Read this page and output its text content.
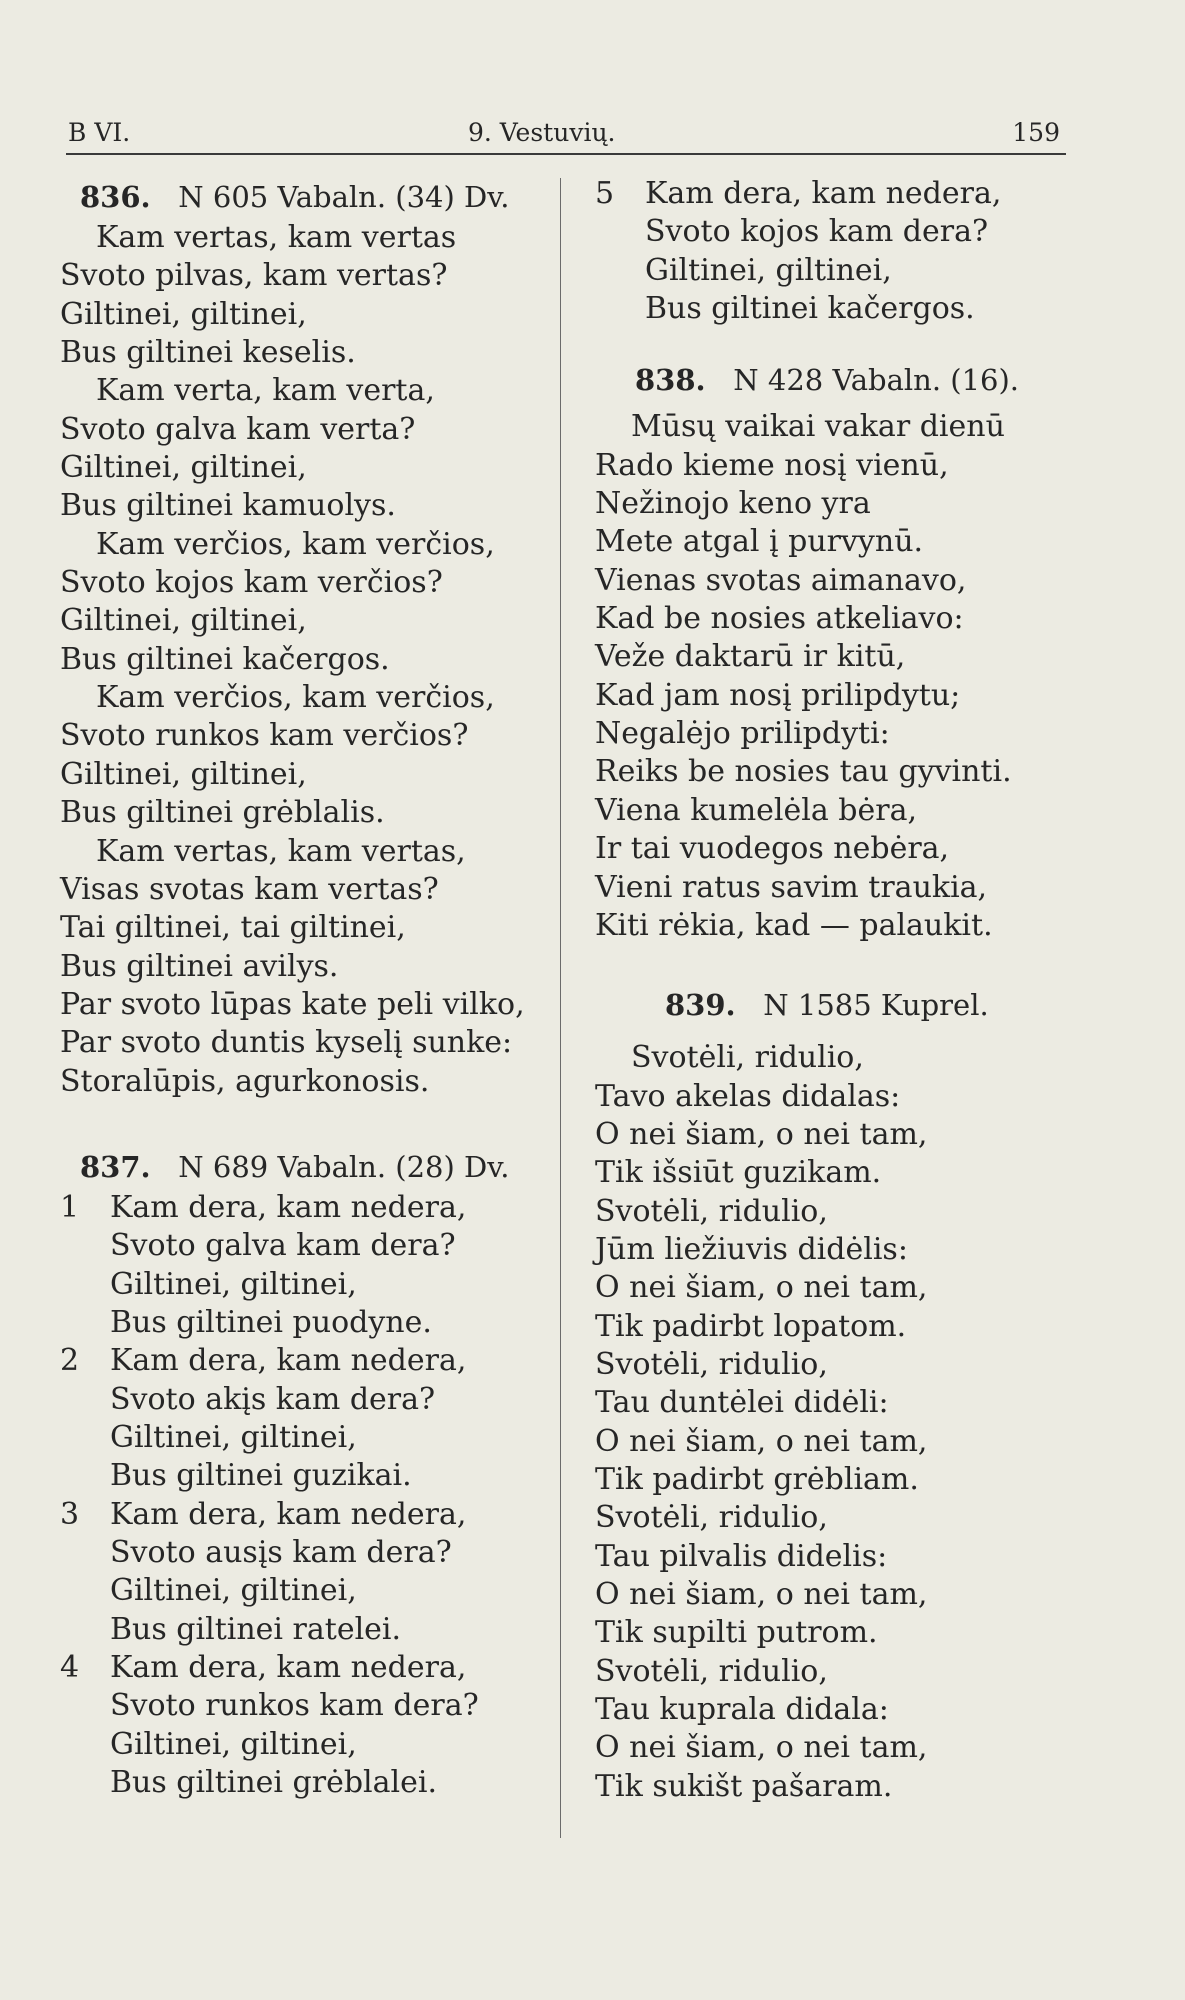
B VI.	9. Vestuvių.	159
836. N 605 Vabaln. (34) Dv.
Kam vertas, kam vertas
Svoto pilvas, kam vertas?
Giltinei, giltinei,
Bus giltinei keselis.
Kam verta, kam verta,
Svoto galva kam verta?
Giltinei, giltinei,
Bus giltinei kamuolys.
Kam verčios, kam verčios,
Svoto kojos kam verčios?
Giltinei, giltinei,
Bus giltinei kačergos.
Kam verčios, kam verčios,
Svoto runkos kam verčios?
Giltinei, giltinei,
Bus giltinei grėblalis.
Kam vertas, kam vertas,
Visas svotas kam vertas?
Tai giltinei, tai giltinei,
Bus giltinei avilys.
Par svoto lūpas kate peli vilko,
Par svoto duntis kyselį sunke:
Storalūpis, agurkonosis.
837. N 689 Vabaln. (28) Dv.
1	Kam dera, kam nedera,
Svoto galva kam dera?
Giltinei, giltinei,
Bus giltinei puodyne.
2	Kam dera, kam nedera,
Svoto akįs kam dera?
Giltinei, giltinei,
Bus giltinei guzikai.
3	Kam dera, kam nedera,
Svoto ausįs kam dera?
Giltinei, giltinei,
Bus giltinei ratelei.
4	Kam dera, kam nedera,
Svoto runkos kam dera?
Giltinei, giltinei,
Bus giltinei grėblalei.
5	Kam dera, kam nedera,
Svoto kojos kam dera?
Giltinei, giltinei,
Bus giltinei kačergos.
838. N 428 Vabaln. (16).
Mūsų vaikai vakar dienū
Rado kieme nosį vienū,
Nežinojo keno yra
Mete atgal į purvynū.
Vienas svotas aimanavo,
Kad be nosies atkeliavo:
Veže daktarū ir kitū,
Kad jam nosį prilipdytu;
Negalėjo prilipdyti:
Reiks be nosies tau gyvinti.
Viena kumelėla bėra,
Ir tai vuodegos nebėra,
Vieni ratus savim traukia,
Kiti rėkia, kad — palaukit.
839. N 1585 Kuprel.
Svotėli, ridulio,
Tavo akelas didalas:
O nei šiam, o nei tam,
Tik išsiūt guzikam.
Svotėli, ridulio,
Jūm liežiuvis didėlis:
O nei šiam, o nei tam,
Tik padirbt lopatom.
Svotėli, ridulio,
Tau duntėlei didėli:
O nei šiam, o nei tam,
Tik padirbt grėbliam.
Svotėli, ridulio,
Tau pilvalis didelis:
O nei šiam, o nei tam,
Tik supilti putrom.
Svotėli, ridulio,
Tau kuprala didala:
O nei šiam, o nei tam,
Tik sukišt pašaram.
